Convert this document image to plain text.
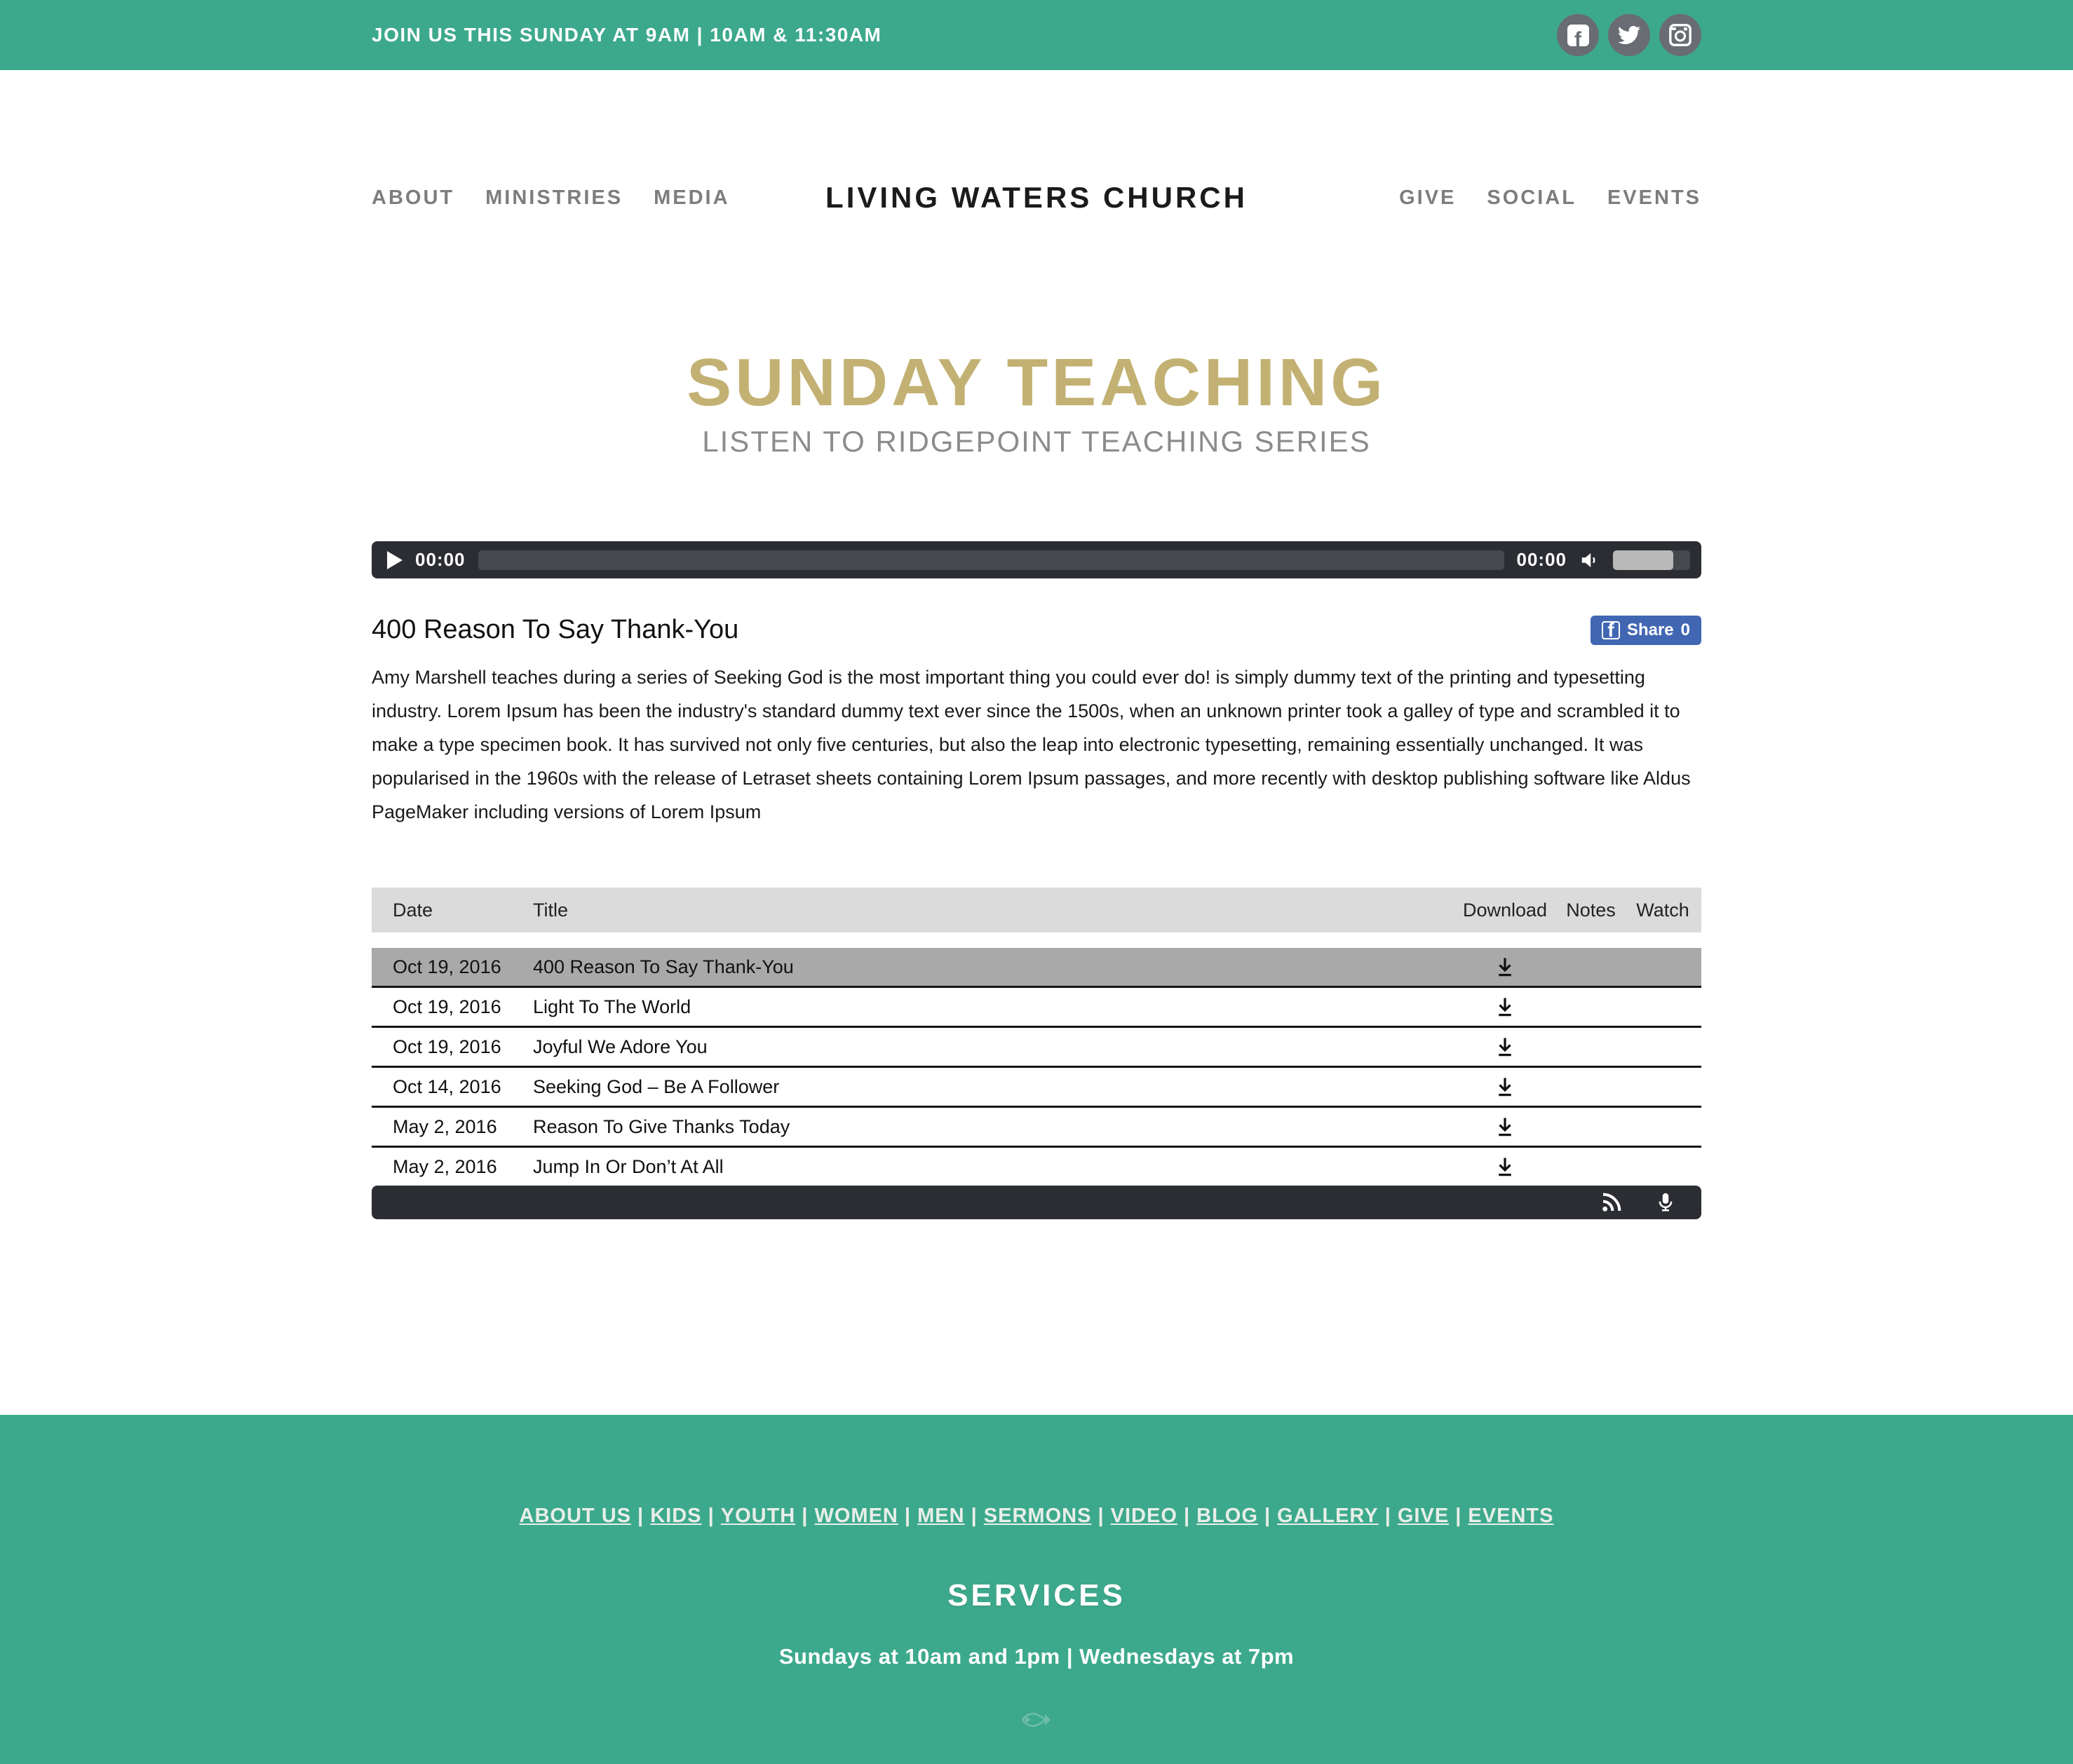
JOIN US THIS SUNDAY AT 9AM | 10AM & 11:30AM	f
ABOUT MINISTRIES MEDIA	LIVING WATERS CHURCH	GIVE SOCIAL EVENTS
SUNDAY TEACHING
LISTEN TO RIDGEPOINT TEACHING SERIES
00:00	00:00
400 Reason To Say Thank-You	f Share 0
Amy Marshell teaches during a series of Seeking God is the most important thing you could ever do! is simply dummy text of the printing and typesetting industry. Lorem Ipsum has been the industry's standard dummy text ever since the 1500s, when an unknown printer took a galley of type and scrambled it to make a type specimen book. It has survived not only five centuries, but also the leap into electronic typesetting, remaining essentially unchanged. It was popularised in the 1960s with the release of Letraset sheets containing Lorem Ipsum passages, and more recently with desktop publishing software like Aldus PageMaker including versions of Lorem Ipsum
Date	Title	Download	Notes	Watch
Oct 19, 2016	400 Reason To Say Thank-You
Oct 19, 2016	Light To The World
Oct 19, 2016	Joyful We Adore You
Oct 14, 2016	Seeking God – Be A Follower
May 2, 2016	Reason To Give Thanks Today
May 2, 2016	Jump In Or Don’t At All
ABOUT US | KIDS | YOUTH | WOMEN | MEN | SERMONS | VIDEO | BLOG | GALLERY | GIVE | EVENTS
SERVICES
Sundays at 10am and 1pm | Wednesdays at 7pm
